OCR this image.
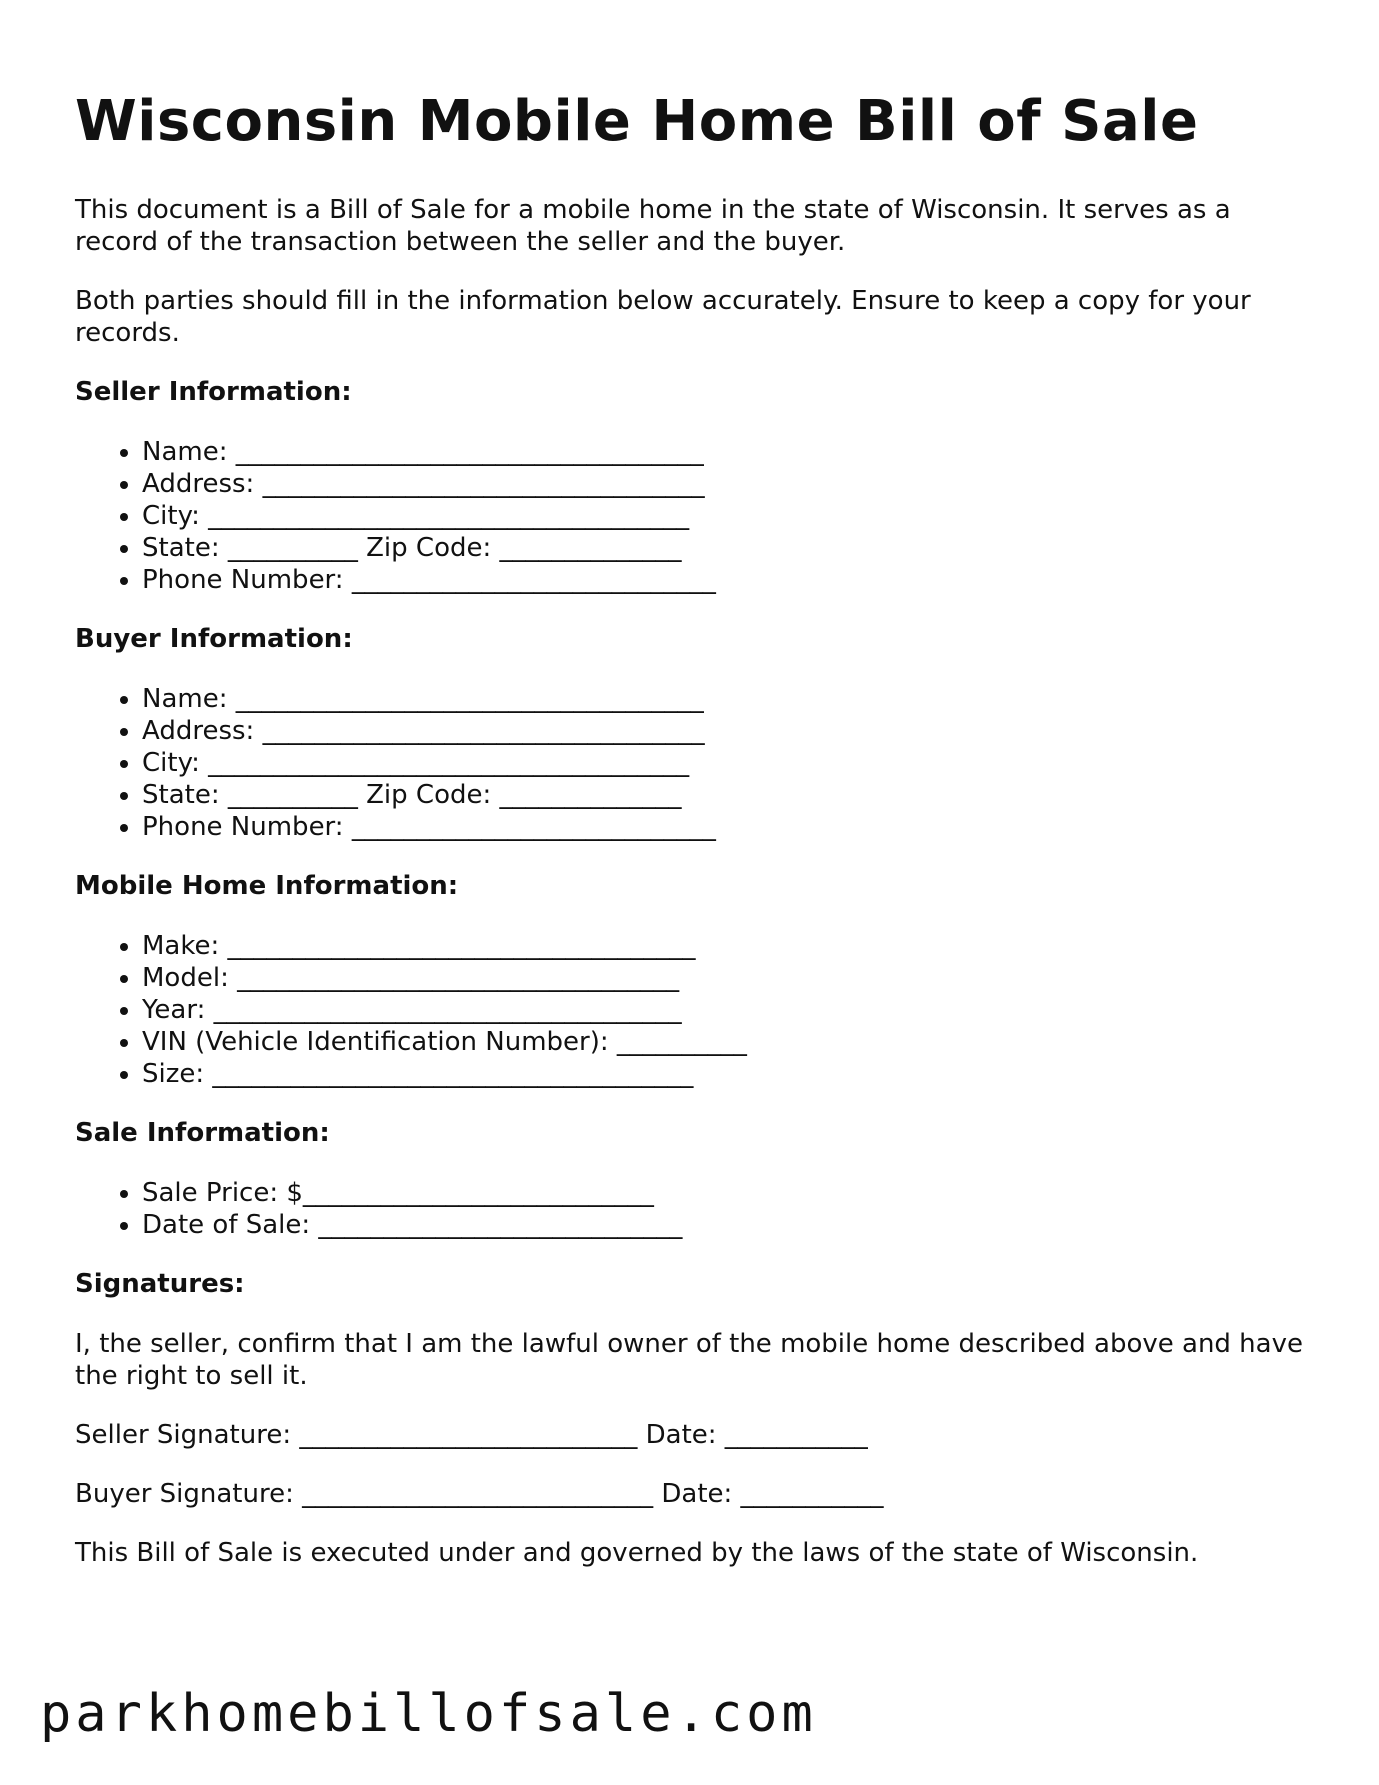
Wisconsin Mobile Home Bill of Sale

This document is a Bill of Sale for a mobile home in the state of Wisconsin. It serves as a record of the transaction between the seller and the buyer.

Both parties should fill in the information below accurately. Ensure to keep a copy for your records.

Seller Information:
• Name: ____________________________________
• Address: __________________________________
• City: _____________________________________
• State: __________ Zip Code: ______________
• Phone Number: ____________________________
Buyer Information:
• Name: ____________________________________
• Address: __________________________________
• City: _____________________________________
• State: __________ Zip Code: ______________
• Phone Number: ____________________________
Mobile Home Information:
• Make: ____________________________________
• Model: __________________________________
• Year: ____________________________________
• VIN (Vehicle Identification Number): __________
• Size: _____________________________________
Sale Information:
• Sale Price: $___________________________
• Date of Sale: ____________________________
Signatures:

I, the seller, confirm that I am the lawful owner of the mobile home described above and have the right to sell it.

Seller Signature: __________________________ Date: ___________

Buyer Signature: ___________________________ Date: ___________

This Bill of Sale is executed under and governed by the laws of the state of Wisconsin.

parkhomebillofsale.com
